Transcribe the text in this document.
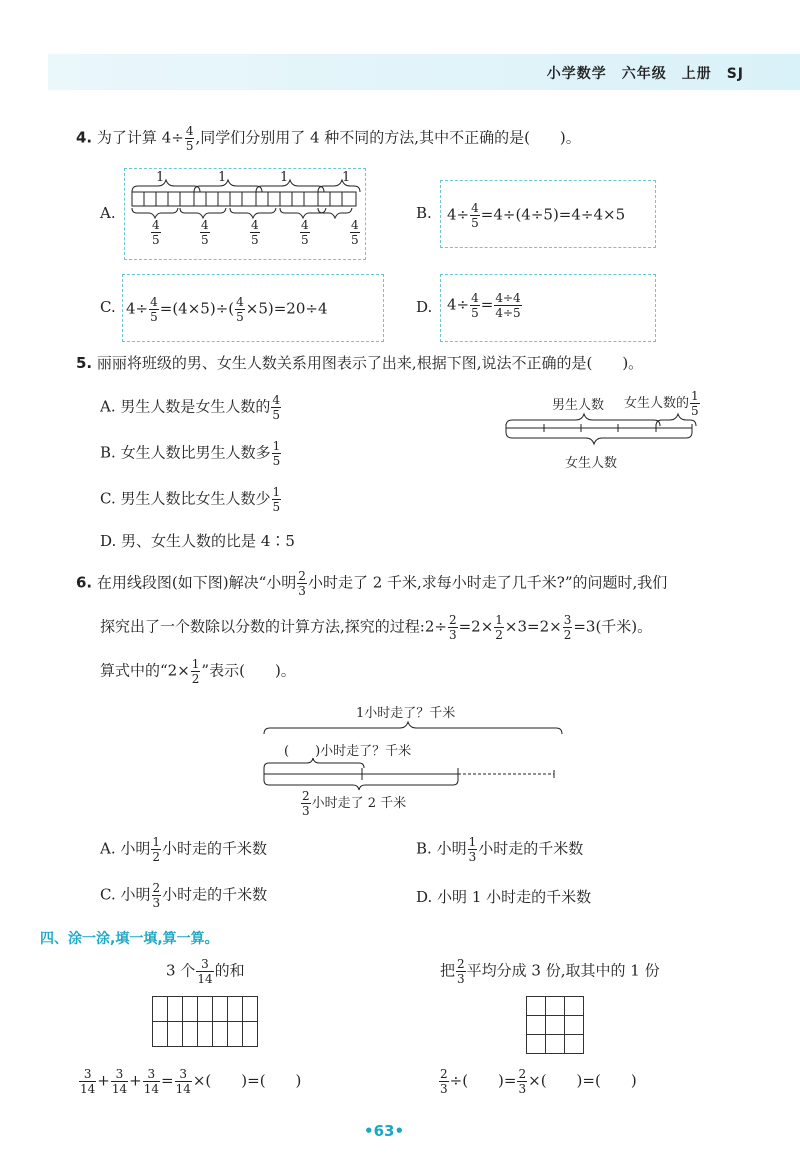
小学数学　六年级　上册　SJ
4. 为了计算 $4\div \frac{4}{5}$ ,同学们分别用了 4 种不同的方法,其中不正确的是(　　)。
A.
1	1	1	1
$\frac{4}{5}$	$\frac{4}{5}$	$\frac{4}{5}$	$\frac{4}{5}$	$\frac{4}{5}$
B. $4\div \frac{4}{5} =4\div(4\div 5)=4\div 4\times 5$
C. $4\div \frac{4}{5} =(4\times 5)\div( \frac{4}{5} \times 5)=20\div 4$	D. $4\div \frac{4}{5} = \frac{4\div 4}{4\div 5}$
5. 丽丽将班级的男、女生人数关系用图表示了出来,根据下图,说法不正确的是(　　)。
A. 男生人数是女生人数的 $\frac{4}{5}$
B. 女生人数比男生人数多 $\frac{1}{5}$
C. 男生人数比女生人数少 $\frac{1}{5}$
D. 男、女生人数的比是 4∶5
男生人数 女生人数的 $\frac{1}{5}$
女生人数
6. 在用线段图(如下图)解决“小明 $\frac{2}{3}$ 小时走了 2 千米,求每小时走了几千米?”的问题时,我们
探究出了一个数除以分数的计算方法,探究的过程:2÷ $\frac{2}{3} =2\times \frac{1}{2} \times 3=2\times \frac{3}{2} =3$(千米)。
算式中的“$2\times \frac{1}{2}$ ”表示(　　)。
1小时走了？千米
(　　)小时走了？千米
$\frac{2}{3}$ 小时走了 2 千米
A. 小明 $\frac{1}{2}$ 小时走的千米数	B. 小明 $\frac{1}{3}$ 小时走的千米数
C. 小明 $\frac{2}{3}$ 小时走的千米数	D. 小明 1 小时走的千米数
四、涂一涂,填一填,算一算。
3 个 $\frac{3}{14}$ 的和

$\frac{3}{14} + \frac{3}{14} + \frac{3}{14} = \frac{3}{14}$ ×(　　)=(　　)
把 $\frac{2}{3}$ 平均分成 3 份,取其中的 1 份

$\frac{2}{3}$ ÷(　　)= $\frac{2}{3}$ ×(　　)=(　　)
•63•
